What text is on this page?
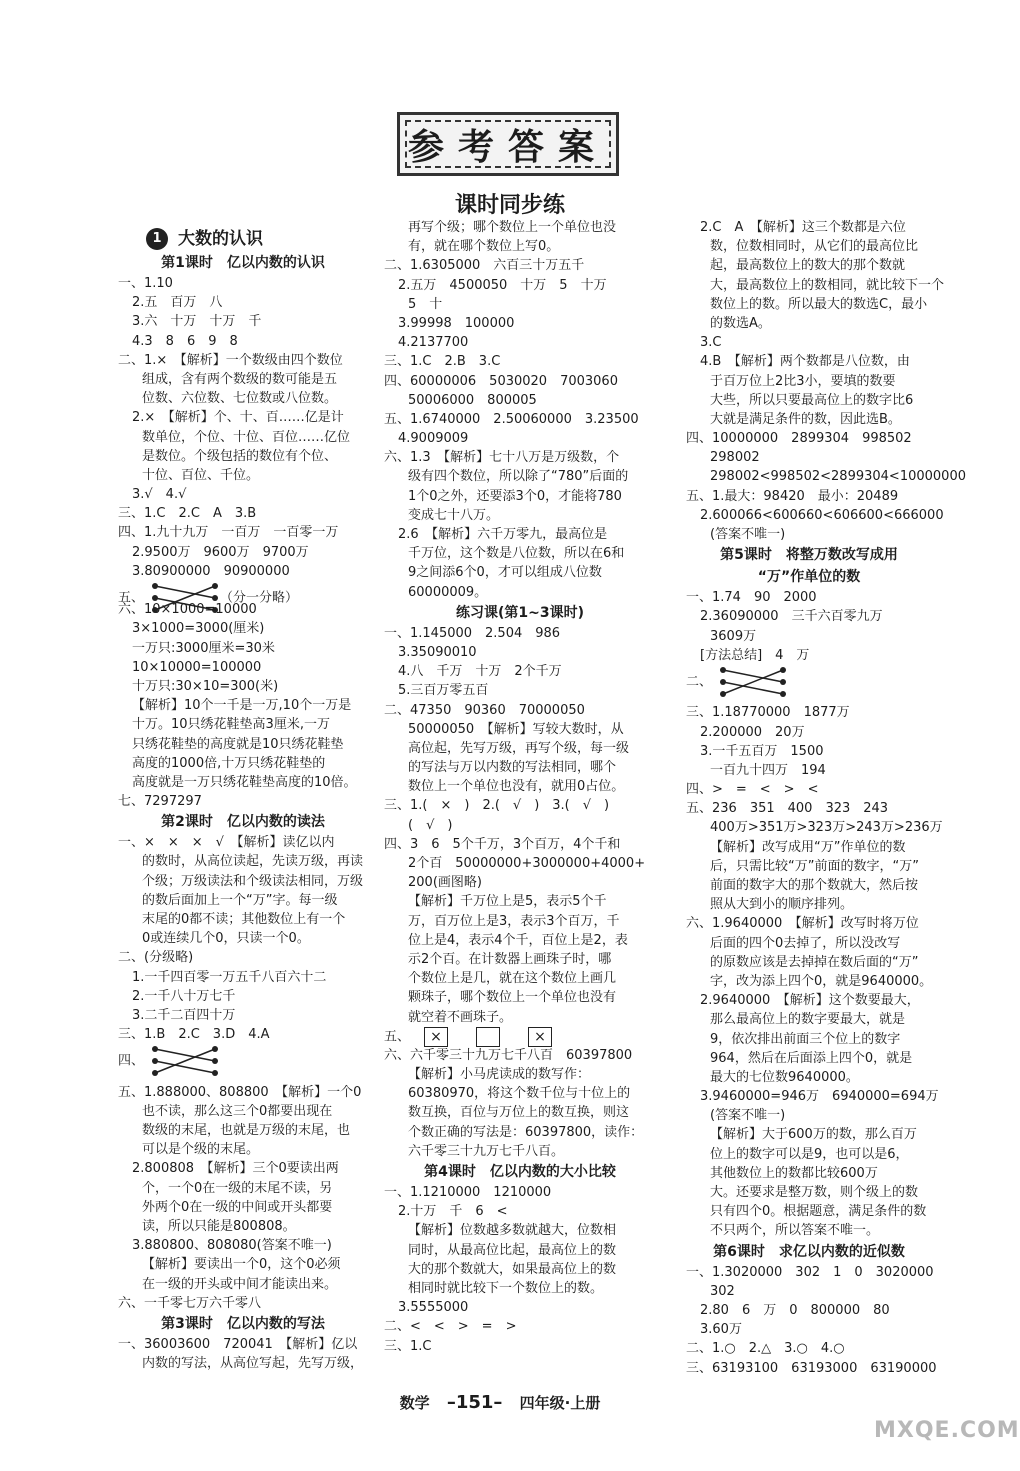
参考答案
课时同步练
1 大数的认识
第1课时　亿以内数的认识
一、1.10
2.五　百万　八
3.六　十万　十万　千
4.3　8　6　9　8
二、1.×　【解析】一个数级由四个数位
组成，含有两个数级的数可能是五
位数、六位数、七位数或八位数。
2.×　【解析】个、十、百……亿是计
数单位，个位、十位、百位……亿位
是数位。个级包括的数位有个位、
十位、百位、千位。
3.√　4.√
三、1.C　2.C　A　3.B
四、1.九十九万　一百万　一百零一万
2.9500万　9600万　9700万
3.80900000　90900000
五、	（分一分略）
六、10×1000=10000
3×1000=3000(厘米)
一万只:3000厘米=30米
10×10000=100000
十万只:30×10=300(米)
【解析】10个一千是一万,10个一万是
十万。10只绣花鞋垫高3厘米,一万
只绣花鞋垫的高度就是10只绣花鞋垫
高度的1000倍,十万只绣花鞋垫的
高度就是一万只绣花鞋垫高度的10倍。
七、7297297
第2课时　亿以内数的读法
一、×　×　×　√　【解析】读亿以内
的数时，从高位读起，先读万级，再读
个级；万级读法和个级读法相同，万级
的数后面加上一个“万”字。每一级
末尾的0都不读；其他数位上有一个
0或连续几个0，只读一个0。
二、(分级略)
1.一千四百零一万五千八百六十二
2.一千八十万七千
3.二千二百四十万
三、1.B　2.C　3.D　4.A
四、
五、1.888000、808800　【解析】一个0
也不读，那么这三个0都要出现在
数级的末尾，也就是万级的末尾，也
可以是个级的末尾。
2.800808　【解析】三个0要读出两
个，一个0在一级的末尾不读，另
外两个0在一级的中间或开头都要
读，所以只能是800808。
3.880800、808080(答案不唯一)
【解析】要读出一个0，这个0必须
在一级的开头或中间才能读出来。
六、一千零七万六千零八
第3课时　亿以内数的写法
一、36003600　720041　【解析】亿以
内数的写法，从高位写起，先写万级，
再写个级；哪个数位上一个单位也没
有，就在哪个数位上写0。
二、1.6305000　六百三十万五千
2.五万　4500050　十万　5　十万
5　十
3.99998　100000
4.2137700
三、1.C　2.B　3.C
四、60000006　5030020　7003060
50006000　800005
五、1.6740000　2.50060000　3.23500
4.9009009
六、1.3　【解析】七十八万是万级数，个
级有四个数位，所以除了“780”后面的
1个0之外，还要添3个0，才能将780
变成七十八万。
2.6　【解析】六千万零九，最高位是
千万位，这个数是八位数，所以在6和
9之间添6个0，才可以组成八位数
60000009。
练习课(第1~3课时)
一、1.145000　2.504　986
3.35090010
4.八　千万　十万　2个千万
5.三百万零五百
二、47350　90360　70000050
50000050　【解析】写较大数时，从
高位起，先写万级，再写个级，每一级
的写法与万以内数的写法相同，哪个
数位上一个单位也没有，就用0占位。
三、1.(　×　)　2.(　√　)　3.(　√　)
(　√　)
四、3　6　5个千万，3个百万，4个千和
2个百　50000000+3000000+4000+
200(画图略)
【解析】千万位上是5，表示5个千
万，百万位上是3，表示3个百万，千
位上是4，表示4个千，百位上是2，表
示2个百。在计数器上画珠子时，哪
个数位上是几，就在这个数位上画几
颗珠子，哪个数位上一个单位也没有
就空着不画珠子。
五、 ×	×
六、六千零三十九万七千八百　60397800
【解析】小马虎读成的数写作：
60380970，将这个数千位与十位上的
数互换，百位与万位上的数互换，则这
个数正确的写法是：60397800，读作：
六千零三十九万七千八百。
第4课时　亿以内数的大小比较
一、1.1210000　1210000
2.十万　千　6　<
【解析】位数越多数就越大，位数相
同时，从最高位比起，最高位上的数
大的那个数就大，如果最高位上的数
相同时就比较下一个数位上的数。
3.5555000
二、<　<　>　=　>
三、1.C
2.C　A　【解析】这三个数都是六位
数，位数相同时，从它们的最高位比
起，最高数位上的数大的那个数就
大，最高数位上的数相同，就比较下一个
数位上的数。所以最大的数选C，最小
的数选A。
3.C
4.B　【解析】两个数都是八位数，由
于百万位上2比3小，要填的数要
大些，所以只要最高位上的数字比6
大就是满足条件的数，因此选B。
四、10000000　2899304　998502
298002
298002<998502<2899304<10000000
五、1.最大：98420　最小：20489
2.600066<600660<606600<666000
(答案不唯一)
第5课时　将整万数改写成用
“万”作单位的数
一、1.74　90　2000
2.36090000　三千六百零九万
3609万
[方法总结]　4　万
二、
三、1.18770000　1877万
2.200000　20万
3.一千五百万　1500
一百九十四万　194
四、>　=　<　>　<
五、236　351　400　323　243
400万>351万>323万>243万>236万
【解析】改写成用“万”作单位的数
后，只需比较“万”前面的数字，“万”
前面的数字大的那个数就大，然后按
照从大到小的顺序排列。
六、1.9640000　【解析】改写时将万位
后面的四个0去掉了，所以没改写
的原数应该是去掉掉在数后面的“万”
字，改为添上四个0，就是9640000。
2.9640000　【解析】这个数要最大，
那么最高位上的数字要最大，就是
9，依次排出前面三个位上的数字
964，然后在后面添上四个0，就是
最大的七位数9640000。
3.9460000=946万　6940000=694万
(答案不唯一)
【解析】大于600万的数，那么百万
位上的数字可以是9，也可以是6，
其他数位上的数都比较600万
大。还要求是整万数，则个级上的数
只有四个0。根据题意，满足条件的数
不只两个，所以答案不唯一。
第6课时　求亿以内数的近似数
一、1.3020000　302　1　0　3020000
302
2.80　6　万　0　800000　80
3.60万
二、1.○　2.△　3.○　4.○
三、63193100　63193000　63190000
数学 –151– 四年级·上册
MXQE.COM
